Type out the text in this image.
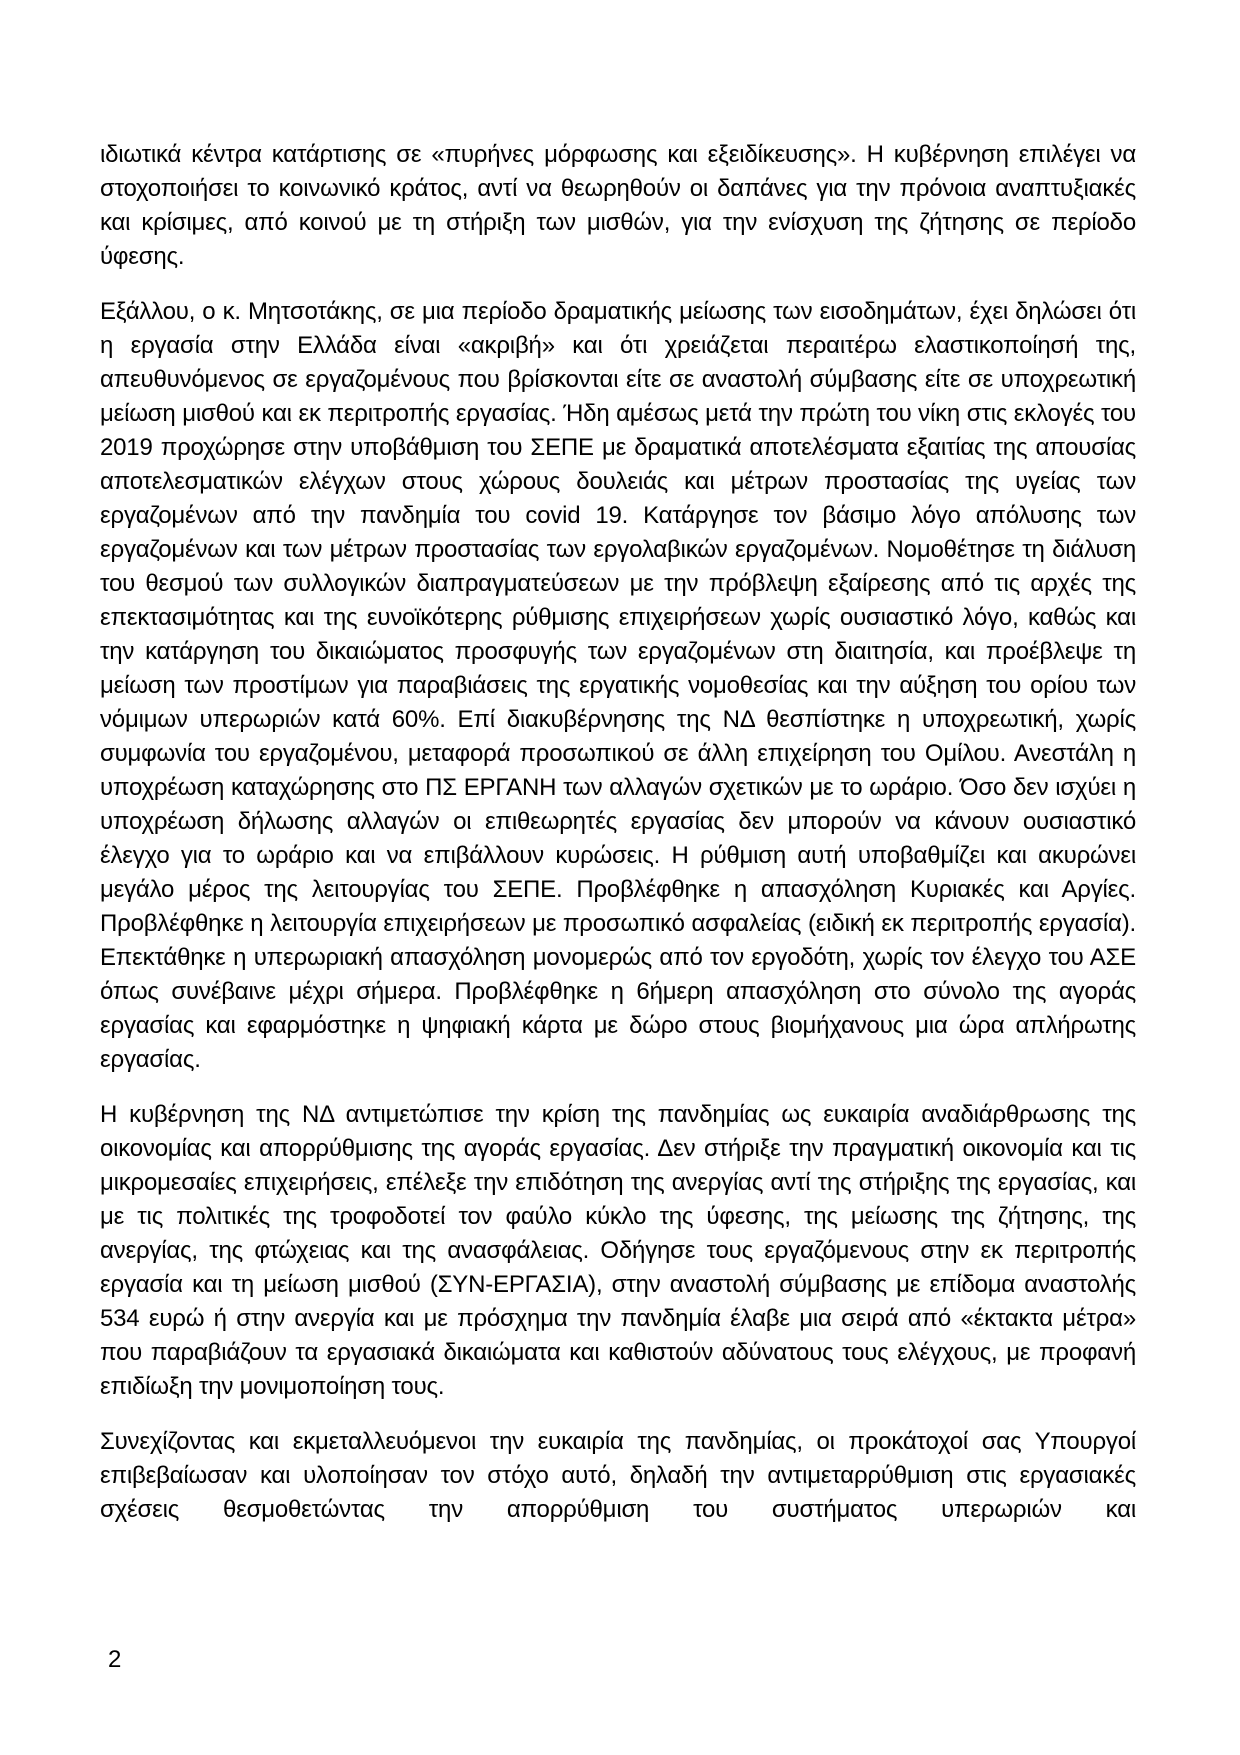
ιδιωτικά κέντρα κατάρτισης σε «πυρήνες μόρφωσης και εξειδίκευσης». Η κυβέρνηση επιλέγει να στοχοποιήσει το κοινωνικό κράτος, αντί να θεωρηθούν οι δαπάνες για την πρόνοια αναπτυξιακές και κρίσιμες, από κοινού με τη στήριξη των μισθών, για την ενίσχυση της ζήτησης σε περίοδο ύφεσης.

Εξάλλου, ο κ. Μητσοτάκης, σε μια περίοδο δραματικής μείωσης των εισοδημάτων, έχει δηλώσει ότι η εργασία στην Ελλάδα είναι «ακριβή» και ότι χρειάζεται περαιτέρω ελαστικοποίησή της, απευθυνόμενος σε εργαζομένους που βρίσκονται είτε σε αναστολή σύμβασης είτε σε υποχρεωτική μείωση μισθού και εκ περιτροπής εργασίας. Ήδη αμέσως μετά την πρώτη του νίκη στις εκλογές του 2019 προχώρησε στην υποβάθμιση του ΣΕΠΕ με δραματικά αποτελέσματα εξαιτίας της απουσίας αποτελεσματικών ελέγχων στους χώρους δουλειάς και μέτρων προστασίας της υγείας των εργαζομένων από την πανδημία του covid 19. Κατάργησε τον βάσιμο λόγο απόλυσης των εργαζομένων και των μέτρων προστασίας των εργολαβικών εργαζομένων. Νομοθέτησε τη διάλυση του θεσμού των συλλογικών διαπραγματεύσεων με την πρόβλεψη εξαίρεσης από τις αρχές της επεκτασιμότητας και της ευνοϊκότερης ρύθμισης επιχειρήσεων χωρίς ουσιαστικό λόγο, καθώς και την κατάργηση του δικαιώματος προσφυγής των εργαζομένων στη διαιτησία, και προέβλεψε τη μείωση των προστίμων για παραβιάσεις της εργατικής νομοθεσίας και την αύξηση του ορίου των νόμιμων υπερωριών κατά 60%. Επί διακυβέρνησης της ΝΔ θεσπίστηκε η υποχρεωτική, χωρίς συμφωνία του εργαζομένου, μεταφορά προσωπικού σε άλλη επιχείρηση του Ομίλου. Ανεστάλη η υποχρέωση καταχώρησης στο ΠΣ ΕΡΓΑΝΗ των αλλαγών σχετικών με το ωράριο. Όσο δεν ισχύει η υποχρέωση δήλωσης αλλαγών οι επιθεωρητές εργασίας δεν μπορούν να κάνουν ουσιαστικό έλεγχο για το ωράριο και να επιβάλλουν κυρώσεις. Η ρύθμιση αυτή υποβαθμίζει και ακυρώνει μεγάλο μέρος της λειτουργίας του ΣΕΠΕ. Προβλέφθηκε η απασχόληση Κυριακές και Αργίες. Προβλέφθηκε η λειτουργία επιχειρήσεων με προσωπικό ασφαλείας (ειδική εκ περιτροπής εργασία). Επεκτάθηκε η υπερωριακή απασχόληση μονομερώς από τον εργοδότη, χωρίς τον έλεγχο του ΑΣΕ όπως συνέβαινε μέχρι σήμερα. Προβλέφθηκε η 6ήμερη απασχόληση στο σύνολο της αγοράς εργασίας και εφαρμόστηκε η ψηφιακή κάρτα με δώρο στους βιομήχανους μια ώρα απλήρωτης εργασίας.

Η κυβέρνηση της ΝΔ αντιμετώπισε την κρίση της πανδημίας ως ευκαιρία αναδιάρθρωσης της οικονομίας και απορρύθμισης της αγοράς εργασίας. Δεν στήριξε την πραγματική οικονομία και τις μικρομεσαίες επιχειρήσεις, επέλεξε την επιδότηση της ανεργίας αντί της στήριξης της εργασίας, και με τις πολιτικές της τροφοδοτεί τον φαύλο κύκλο της ύφεσης, της μείωσης της ζήτησης, της ανεργίας, της φτώχειας και της ανασφάλειας. Οδήγησε τους εργαζόμενους στην εκ περιτροπής εργασία και τη μείωση μισθού (ΣΥΝ-ΕΡΓΑΣΙΑ), στην αναστολή σύμβασης με επίδομα αναστολής 534 ευρώ ή στην ανεργία και με πρόσχημα την πανδημία έλαβε μια σειρά από «έκτακτα μέτρα» που παραβιάζουν τα εργασιακά δικαιώματα και καθιστούν αδύνατους τους ελέγχους, με προφανή επιδίωξη την μονιμοποίηση τους.

Συνεχίζοντας και εκμεταλλευόμενοι την ευκαιρία της πανδημίας, οι προκάτοχοί σας Υπουργοί επιβεβαίωσαν και υλοποίησαν τον στόχο αυτό, δηλαδή την αντιμεταρρύθμιση στις εργασιακές σχέσεις θεσμοθετώντας την απορρύθμιση του συστήματος υπερωριών και

2
